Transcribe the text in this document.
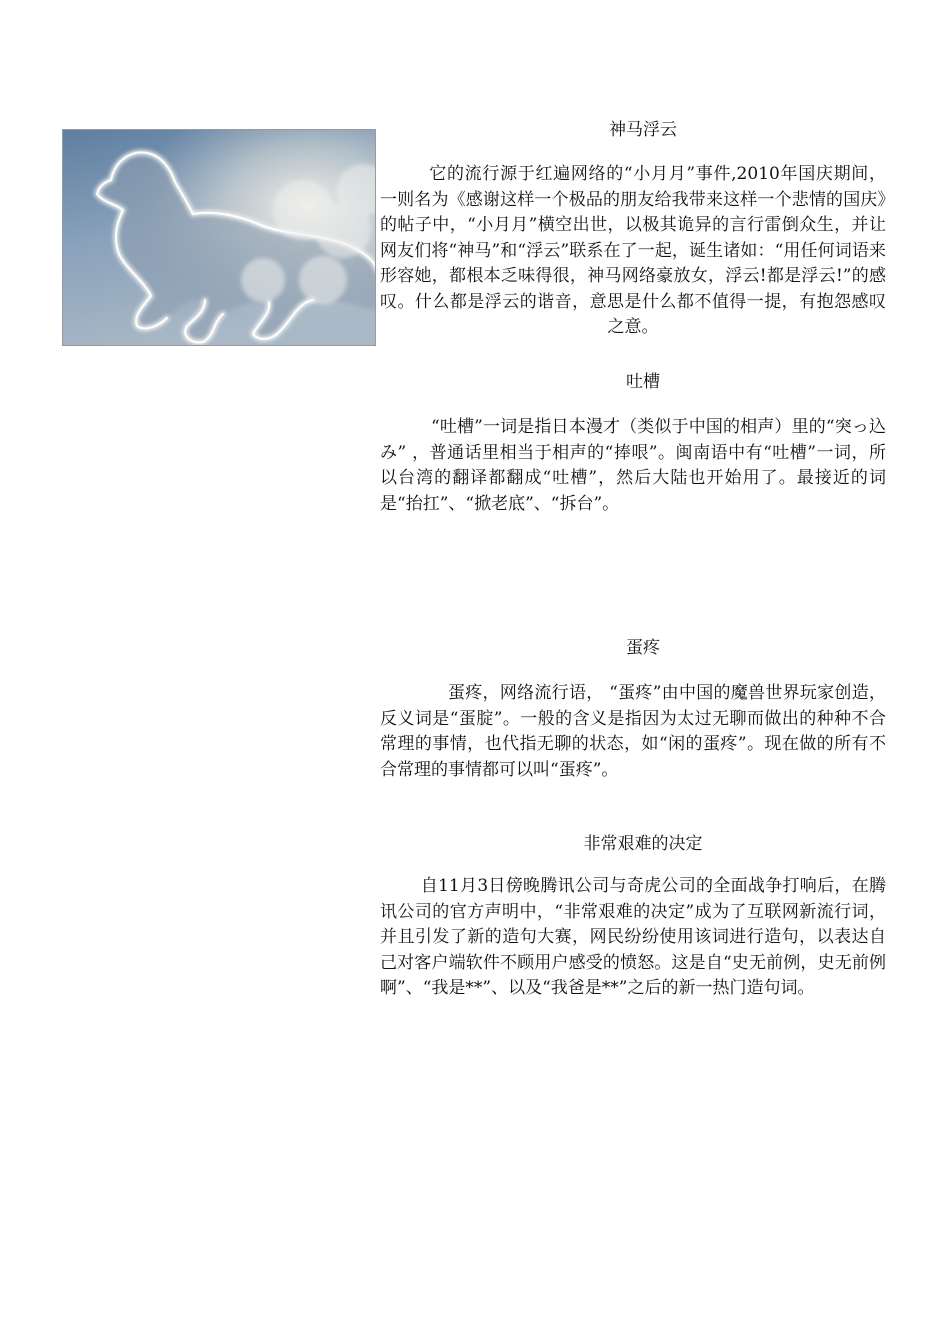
神马浮云

它的流行源于红遍网络的“小月月”事件,2010年国庆期间，一则名为《感谢这样一个极品的朋友给我带来这样一个悲情的国庆》的帖子中，“小月月”横空出世，以极其诡异的言行雷倒众生，并让网友们将“神马”和“浮云”联系在了一起，诞生诸如：“用任何词语来形容她，都根本乏味得很，神马网络豪放女，浮云!都是浮云!”的感叹。什么都是浮云的谐音，意思是什么都不值得一提，有抱怨感叹之意。

吐槽

“吐槽”一词是指日本漫才（类似于中国的相声）里的“突っ込み” ，普通话里相当于相声的“捧哏”。闽南语中有“吐槽”一词，所以台湾的翻译都翻成“吐槽”，然后大陆也开始用了。最接近的词是“抬扛”、“掀老底”、“拆台”。

蛋疼

蛋疼，网络流行语， “蛋疼”由中国的魔兽世界玩家创造，反义词是“蛋腚”。一般的含义是指因为太过无聊而做出的种种不合常理的事情，也代指无聊的状态，如“闲的蛋疼”。现在做的所有不合常理的事情都可以叫“蛋疼”。

非常艰难的决定

自11月3日傍晚腾讯公司与奇虎公司的全面战争打响后，在腾讯公司的官方声明中，“非常艰难的决定”成为了互联网新流行词，并且引发了新的造句大赛，网民纷纷使用该词进行造句，以表达自己对客户端软件不顾用户感受的愤怒。这是自“史无前例，史无前例啊”、“我是**”、以及“我爸是**”之后的新一热门造句词。
